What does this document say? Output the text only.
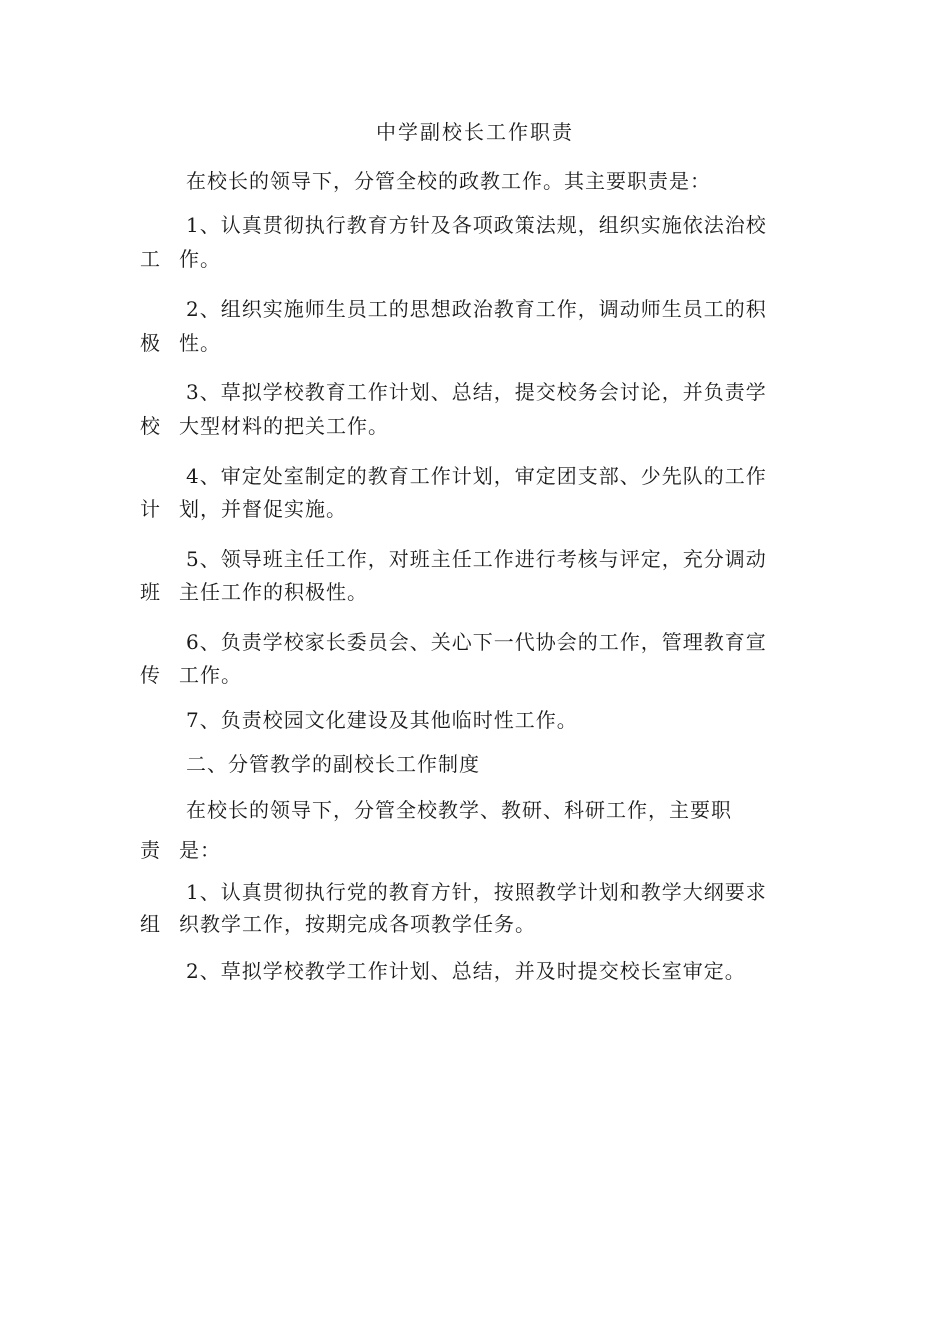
中学副校长工作职责
在校长的领导下，分管全校的政教工作。其主要职责是：
1、认真贯彻执行教育方针及各项政策法规，组织实施依法治校
工 作。
2、组织实施师生员工的思想政治教育工作，调动师生员工的积
极 性。
3、草拟学校教育工作计划、总结，提交校务会讨论，并负责学
校 大型材料的把关工作。
4、审定处室制定的教育工作计划，审定团支部、少先队的工作
计 划，并督促实施。
5、领导班主任工作，对班主任工作进行考核与评定，充分调动
班 主任工作的积极性。
6、负责学校家长委员会、关心下一代协会的工作，管理教育宣
传 工作。
7、负责校园文化建设及其他临时性工作。
二、分管教学的副校长工作制度
在校长的领导下，分管全校教学、教研、科研工作，主要职
责 是：
1、认真贯彻执行党的教育方针，按照教学计划和教学大纲要求
组 织教学工作，按期完成各项教学任务。
2、草拟学校教学工作计划、总结，并及时提交校长室审定。
